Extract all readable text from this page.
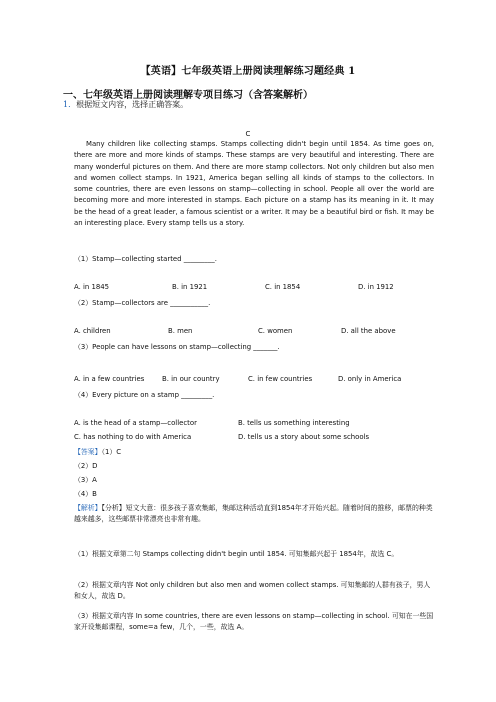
【英语】七年级英语上册阅读理解练习题经典 1
一、七年级英语上册阅读理解专项目练习（含答案解析）
1．根据短文内容，选择正确答案。
C
Many children like collecting stamps. Stamps collecting didn't begin until 1854. As time goes on, there are more and more kinds of stamps. These stamps are very beautiful and interesting. There are many wonderful pictures on them. And there are more stamp collectors. Not only children but also men and women collect stamps. In 1921, America began selling all kinds of stamps to the collectors. In some countries, there are even lessons on stamp—collecting in school. People all over the world are becoming more and more interested in stamps. Each picture on a stamp has its meaning in it. It may be the head of a great leader, a famous scientist or a writer. It may be a beautiful bird or fish. It may be an interesting place. Every stamp tells us a story.
（1）Stamp—collecting started _________.
A. in 1845	B. in 1921	C. in 1854	D. in 1912
（2）Stamp—collectors are ___________.
A. children	B. men	C. women	D. all the above
（3）People can have lessons on stamp—collecting _______.
A. in a few countries	B. in our country	C. in few countries	D. only in America
（4）Every picture on a stamp _________.
A. is the head of a stamp—collector	B. tells us something interesting
C. has nothing to do with America	D. tells us a story about some schools
【答案】（1）C
（2）D
（3）A
（4）B
【解析】【分析】短文大意：很多孩子喜欢集邮，集邮这种活动直到1854年才开始兴起。随着时间的推移，邮票的种类越来越多，这些邮票非常漂亮也非常有趣。
（1）根据文章第二句 Stamps collecting didn't begin until 1854. 可知集邮兴起于 1854年，故选 C。
（2）根据文章内容 Not only children but also men and women collect stamps. 可知集邮的人群有孩子，男人和女人，故选 D。
（3）根据文章内容 In some countries, there are even lessons on stamp—collecting in school. 可知在一些国家开设集邮课程，some=a few，几个，一些，故选 A。
